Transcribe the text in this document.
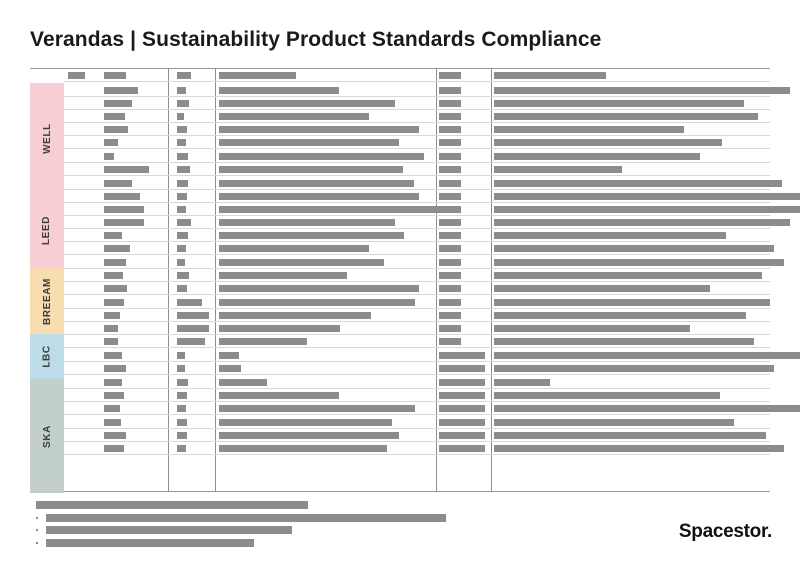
Verandas | Sustainability Product Standards Compliance
WELL
LEED
BREEAM
LBC
SKA
Spacestor.
